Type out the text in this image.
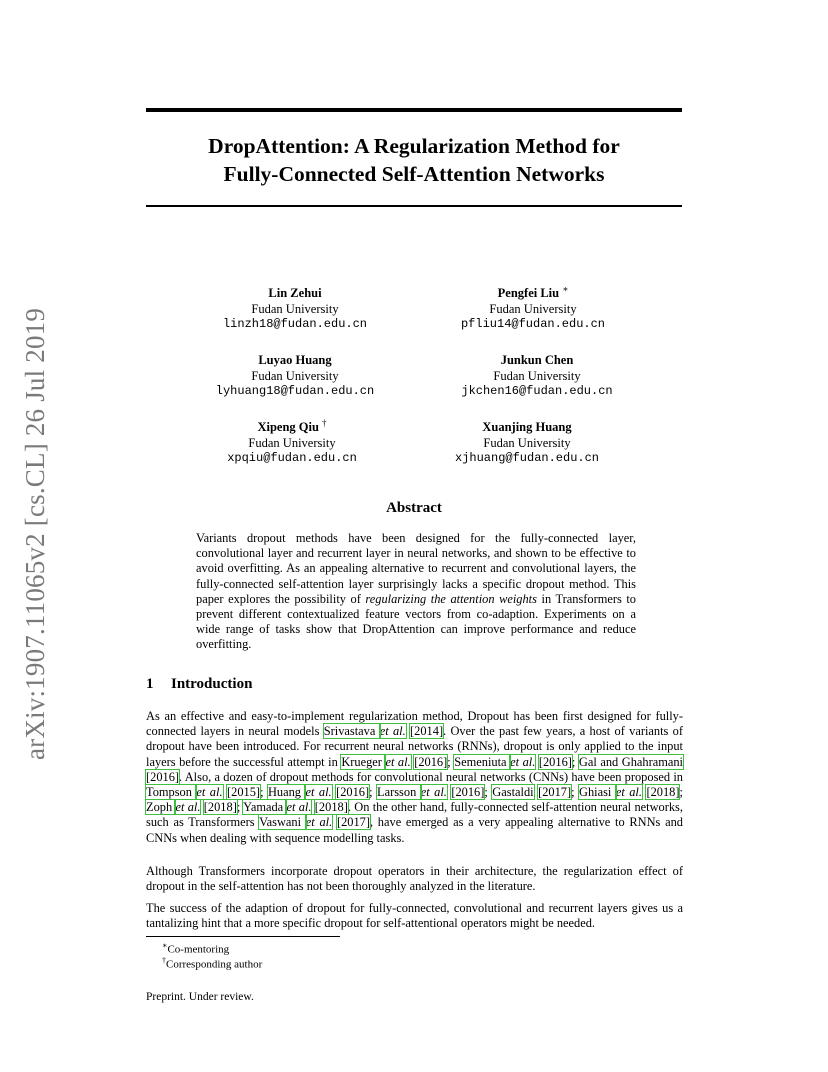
arXiv:1907.11065v2 [cs.CL] 26 Jul 2019
DropAttention: A Regularization Method for
Fully-Connected Self-Attention Networks
Lin Zehui
Fudan University
linzh18@fudan.edu.cn
Pengfei Liu ∗
Fudan University
pfliu14@fudan.edu.cn
Luyao Huang
Fudan University
lyhuang18@fudan.edu.cn
Junkun Chen
Fudan University
jkchen16@fudan.edu.cn
Xipeng Qiu †
Fudan University
xpqiu@fudan.edu.cn
Xuanjing Huang
Fudan University
xjhuang@fudan.edu.cn
Abstract
Variants dropout methods have been designed for the fully-connected layer, convolutional layer and recurrent layer in neural networks, and shown to be effective to avoid overfitting. As an appealing alternative to recurrent and convolutional layers, the fully-connected self-attention layer surprisingly lacks a specific dropout method. This paper explores the possibility of regularizing the attention weights in Transformers to prevent different contextualized feature vectors from co-adaption. Experiments on a wide range of tasks show that DropAttention can improve performance and reduce overfitting.
1 Introduction
As an effective and easy-to-implement regularization method, Dropout has been first designed for fully-connected layers in neural models Srivastava et al. [2014]. Over the past few years, a host of variants of dropout have been introduced. For recurrent neural networks (RNNs), dropout is only applied to the input layers before the successful attempt in Krueger et al. [2016]; Semeniuta et al. [2016]; Gal and Ghahramani [2016]. Also, a dozen of dropout methods for convolutional neural networks (CNNs) have been proposed in Tompson et al. [2015]; Huang et al. [2016]; Larsson et al. [2016]; Gastaldi [2017]; Ghiasi et al. [2018]; Zoph et al. [2018]; Yamada et al. [2018]. On the other hand, fully-connected self-attention neural networks, such as Transformers Vaswani et al. [2017], have emerged as a very appealing alternative to RNNs and CNNs when dealing with sequence modelling tasks.
Although Transformers incorporate dropout operators in their architecture, the regularization effect of dropout in the self-attention has not been thoroughly analyzed in the literature.
The success of the adaption of dropout for fully-connected, convolutional and recurrent layers gives us a tantalizing hint that a more specific dropout for self-attentional operators might be needed.
∗Co-mentoring
†Corresponding author
Preprint. Under review.
